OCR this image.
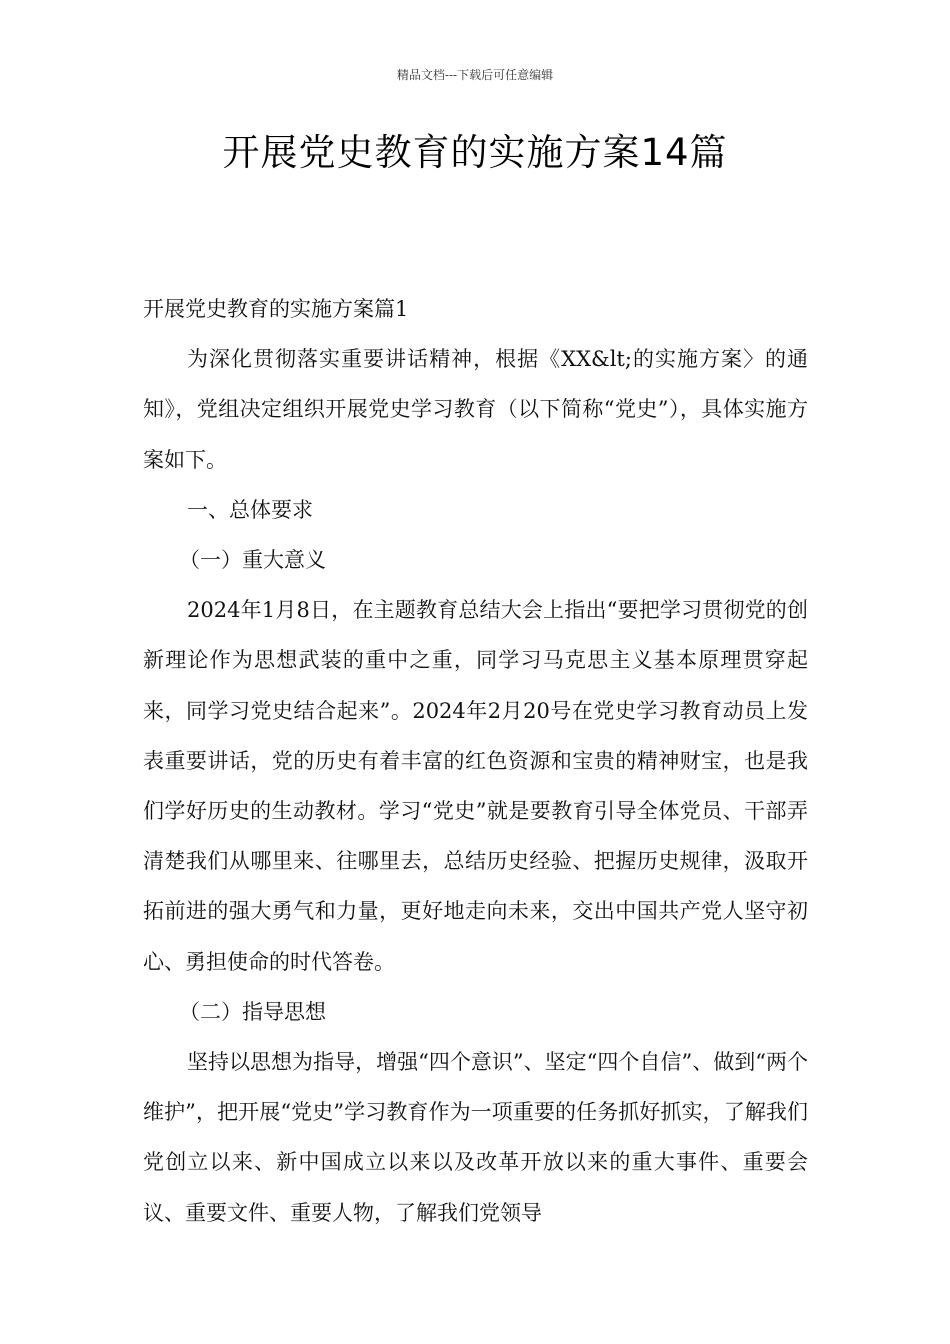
精品文档---下载后可任意编辑
开展党史教育的实施方案14篇

开展党史教育的实施方案篇1

为深化贯彻落实重要讲话精神，根据《XX&lt;的实施方案〉的通知》，党组决定组织开展党史学习教育（以下简称“党史”），具体实施方案如下。

一、总体要求

（一）重大意义

2024年1月8日，在主题教育总结大会上指出“要把学习贯彻党的创新理论作为思想武装的重中之重，同学习马克思主义基本原理贯穿起来，同学习党史结合起来”。2024年2月20号在党史学习教育动员上发表重要讲话，党的历史有着丰富的红色资源和宝贵的精神财宝，也是我们学好历史的生动教材。学习“党史”就是要教育引导全体党员、干部弄清楚我们从哪里来、往哪里去，总结历史经验、把握历史规律，汲取开拓前进的强大勇气和力量，更好地走向未来，交出中国共产党人坚守初心、勇担使命的时代答卷。

（二）指导思想

坚持以思想为指导，增强“四个意识”、坚定“四个自信”、做到“两个维护”，把开展“党史”学习教育作为一项重要的任务抓好抓实，了解我们党创立以来、新中国成立以来以及改革开放以来的重大事件、重要会议、重要文件、重要人物，了解我们党领导
